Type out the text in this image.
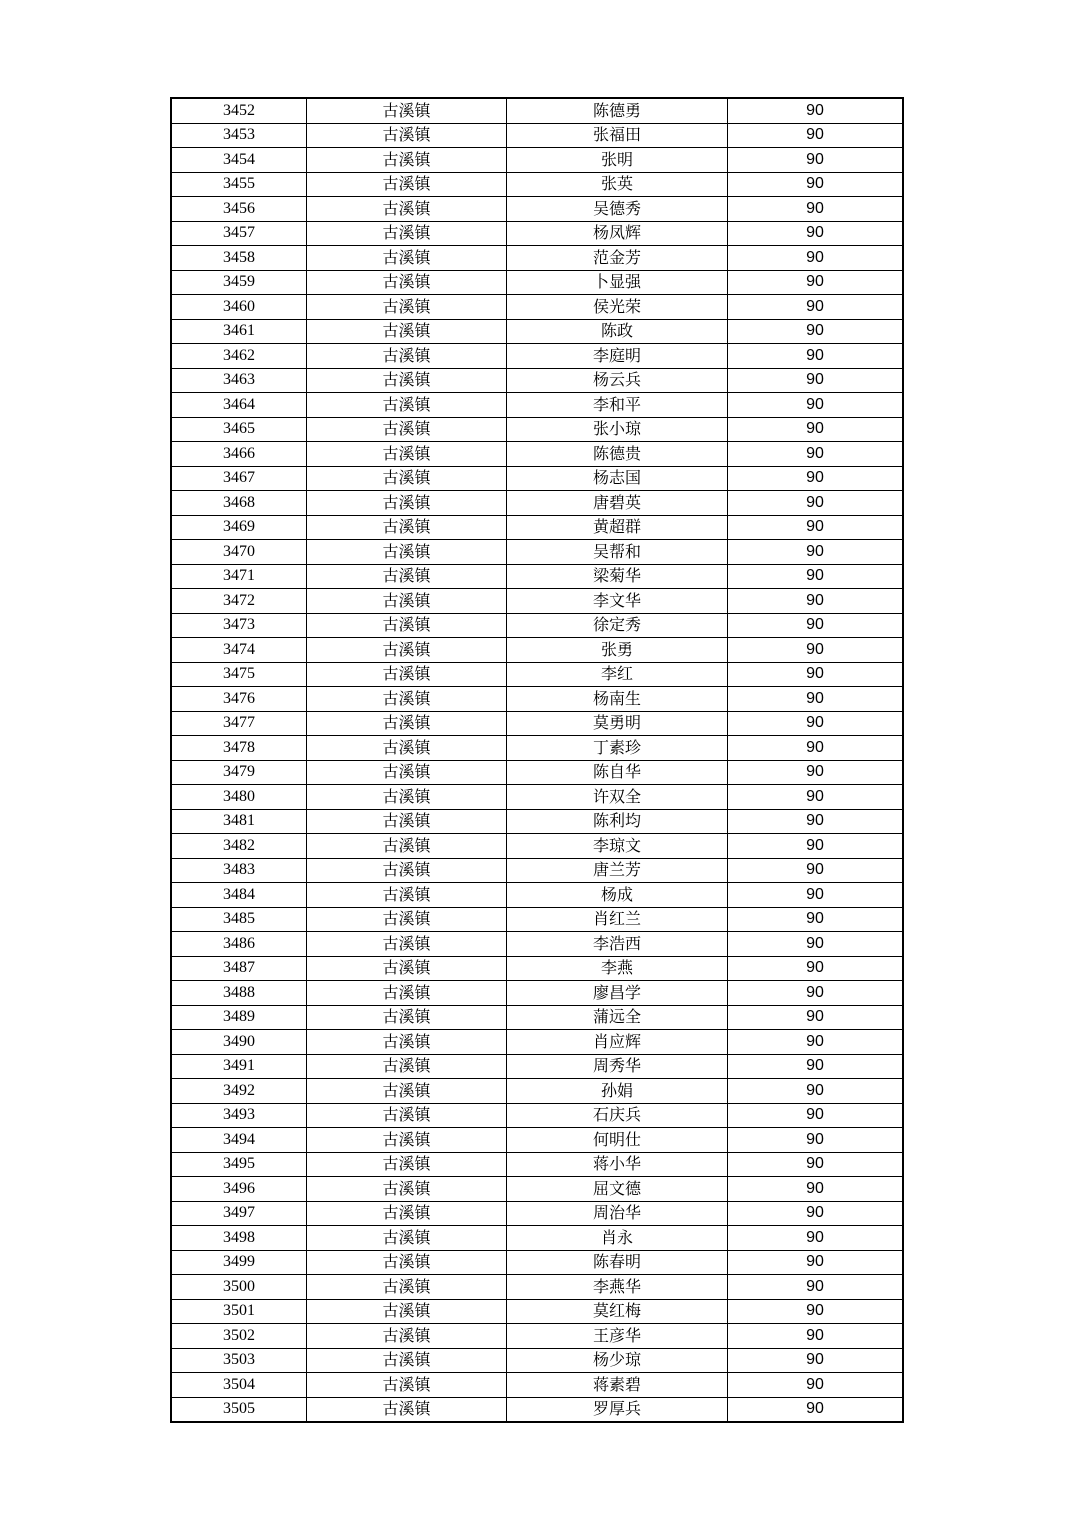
3452	古溪镇	陈德勇	90
3453	古溪镇	张福田	90
3454	古溪镇	张明	90
3455	古溪镇	张英	90
3456	古溪镇	吴德秀	90
3457	古溪镇	杨凤辉	90
3458	古溪镇	范金芳	90
3459	古溪镇	卜显强	90
3460	古溪镇	侯光荣	90
3461	古溪镇	陈政	90
3462	古溪镇	李庭明	90
3463	古溪镇	杨云兵	90
3464	古溪镇	李和平	90
3465	古溪镇	张小琼	90
3466	古溪镇	陈德贵	90
3467	古溪镇	杨志国	90
3468	古溪镇	唐碧英	90
3469	古溪镇	黄超群	90
3470	古溪镇	吴帮和	90
3471	古溪镇	梁菊华	90
3472	古溪镇	李文华	90
3473	古溪镇	徐定秀	90
3474	古溪镇	张勇	90
3475	古溪镇	李红	90
3476	古溪镇	杨南生	90
3477	古溪镇	莫勇明	90
3478	古溪镇	丁素珍	90
3479	古溪镇	陈自华	90
3480	古溪镇	许双全	90
3481	古溪镇	陈利均	90
3482	古溪镇	李琼文	90
3483	古溪镇	唐兰芳	90
3484	古溪镇	杨成	90
3485	古溪镇	肖红兰	90
3486	古溪镇	李浩西	90
3487	古溪镇	李燕	90
3488	古溪镇	廖昌学	90
3489	古溪镇	蒲远全	90
3490	古溪镇	肖应辉	90
3491	古溪镇	周秀华	90
3492	古溪镇	孙娟	90
3493	古溪镇	石庆兵	90
3494	古溪镇	何明仕	90
3495	古溪镇	蒋小华	90
3496	古溪镇	屈文德	90
3497	古溪镇	周治华	90
3498	古溪镇	肖永	90
3499	古溪镇	陈春明	90
3500	古溪镇	李燕华	90
3501	古溪镇	莫红梅	90
3502	古溪镇	王彦华	90
3503	古溪镇	杨少琼	90
3504	古溪镇	蒋素碧	90
3505	古溪镇	罗厚兵	90
